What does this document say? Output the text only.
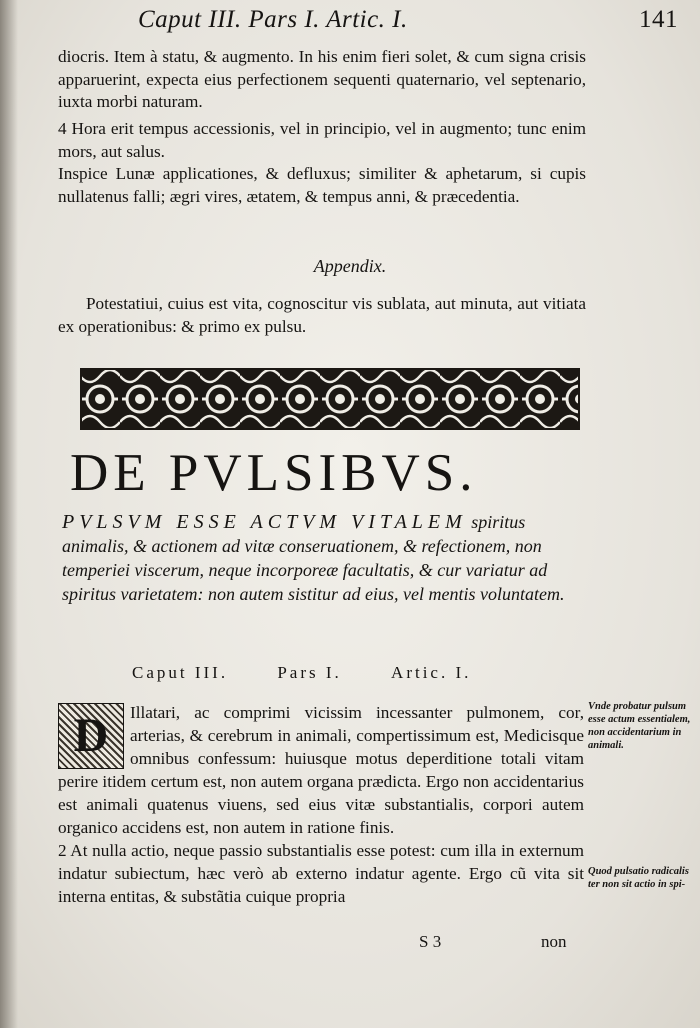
Caput III. Pars I. Artic. I.	141

diocris. Item à statu, & augmento. In his enim fieri solet, & cum signa crisis apparuerint, expecta eius perfectionem sequenti quaternario, vel septenario, iuxta morbi naturam.

4 Hora erit tempus accessionis, vel in principio, vel in augmento; tunc enim mors, aut salus.

Inspice Lunæ applicationes, & defluxus; similiter & aphetarum, si cupis nullatenus falli; ægri vires, ætatem, & tempus anni, & præcedentia.

Appendix.

Potestatiui, cuius est vita, cognoscitur vis sublata, aut minuta, aut vitiata ex operationibus: & primo ex pulsu.

DE PVLSIBVS.
PVLSVM ESSE ACTVM VITALEM spiritus animalis, & actionem ad vitæ conseruationem, & refectionem, non temperiei viscerum, neque incorporeæ facultatis, & cur variatur ad spiritus varietatem: non autem sistitur ad eius, vel mentis voluntatem.
Caput III.	Pars I.	Artic. I.
D	Illatari, ac comprimi vicissim incessanter pulmonem, cor, arterias, & cerebrum in animali, compertissimum est, Medicisque omnibus confessum: huiusque motus deperditione totali vitam perire itidem certum est, non autem organa prædicta. Ergo non accidentarius est animali quatenus viuens, sed eius vitæ substantialis, corpori autem organico accidens est, non autem in ratione finis.

2 At nulla actio, neque passio substantialis esse potest: cum illa in externum indatur subiectum, hæc verò ab externo indatur agente. Ergo cũ vita sit interna entitas, & substãtia cuique propria

Vnde probatur pulsum esse actum essentialem, non accidentarium in animali.
Quod pulsatio radicalis ter non sit actio in spi-
S 3	non
